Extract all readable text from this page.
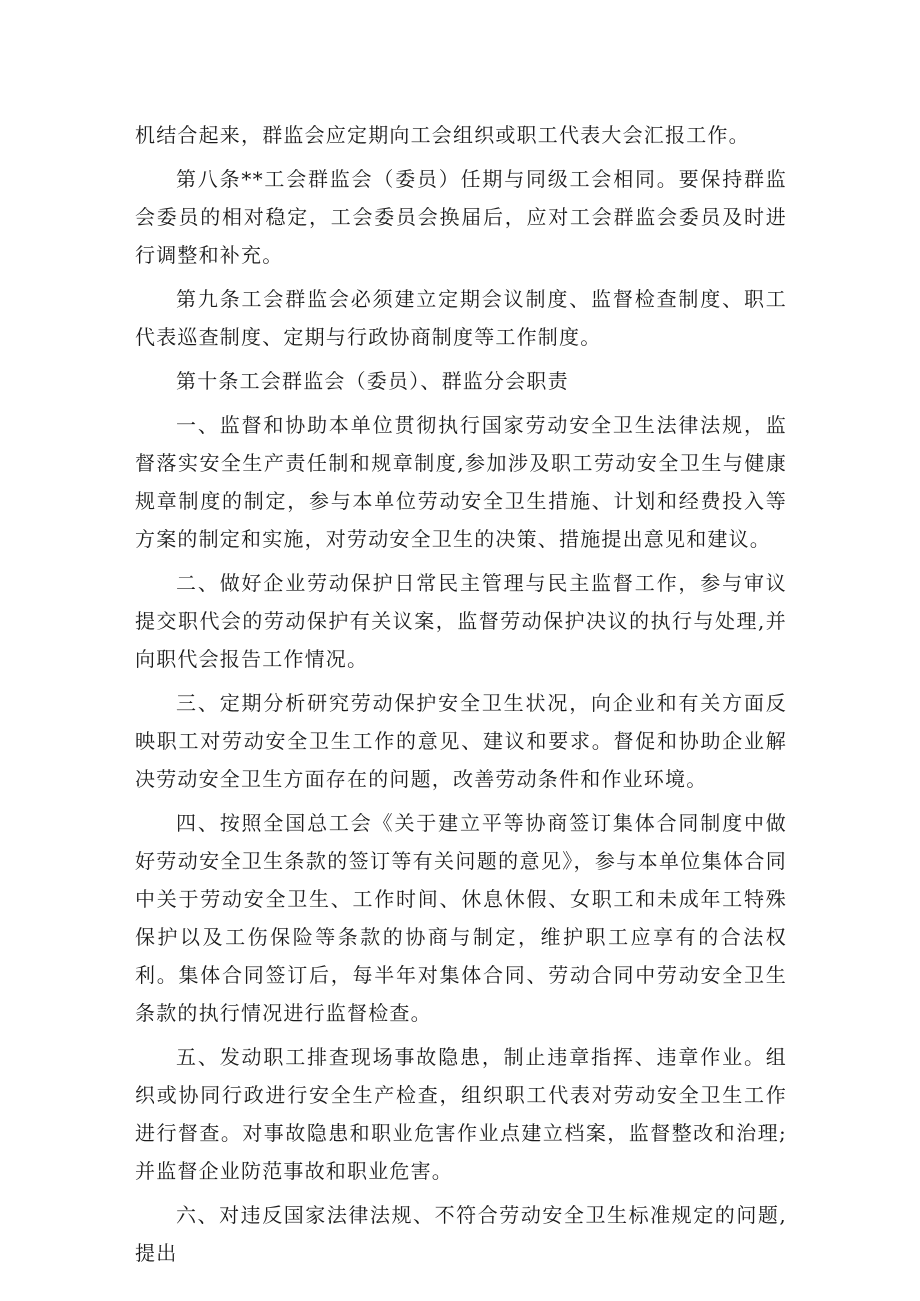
机结合起来，群监会应定期向工会组织或职工代表大会汇报工作。

第八条**工会群监会（委员）任期与同级工会相同。要保持群监会委员的相对稳定，工会委员会换届后，应对工会群监会委员及时进行调整和补充。

第九条工会群监会必须建立定期会议制度、监督检查制度、职工代表巡查制度、定期与行政协商制度等工作制度。

第十条工会群监会（委员）、群监分会职责

一、监督和协助本单位贯彻执行国家劳动安全卫生法律法规，监督落实安全生产责任制和规章制度,参加涉及职工劳动安全卫生与健康规章制度的制定，参与本单位劳动安全卫生措施、计划和经费投入等方案的制定和实施，对劳动安全卫生的决策、措施提出意见和建议。

二、做好企业劳动保护日常民主管理与民主监督工作，参与审议提交职代会的劳动保护有关议案，监督劳动保护决议的执行与处理,并向职代会报告工作情况。

三、定期分析研究劳动保护安全卫生状况，向企业和有关方面反映职工对劳动安全卫生工作的意见、建议和要求。督促和协助企业解决劳动安全卫生方面存在的问题，改善劳动条件和作业环境。

四、按照全国总工会《关于建立平等协商签订集体合同制度中做好劳动安全卫生条款的签订等有关问题的意见》，参与本单位集体合同中关于劳动安全卫生、工作时间、休息休假、女职工和未成年工特殊保护以及工伤保险等条款的协商与制定，维护职工应享有的合法权利。集体合同签订后，每半年对集体合同、劳动合同中劳动安全卫生条款的执行情况进行监督检查。

五、发动职工排查现场事故隐患，制止违章指挥、违章作业。组织或协同行政进行安全生产检查，组织职工代表对劳动安全卫生工作进行督查。对事故隐患和职业危害作业点建立档案，监督整改和治理;并监督企业防范事故和职业危害。

六、对违反国家法律法规、不符合劳动安全卫生标准规定的问题,提出
